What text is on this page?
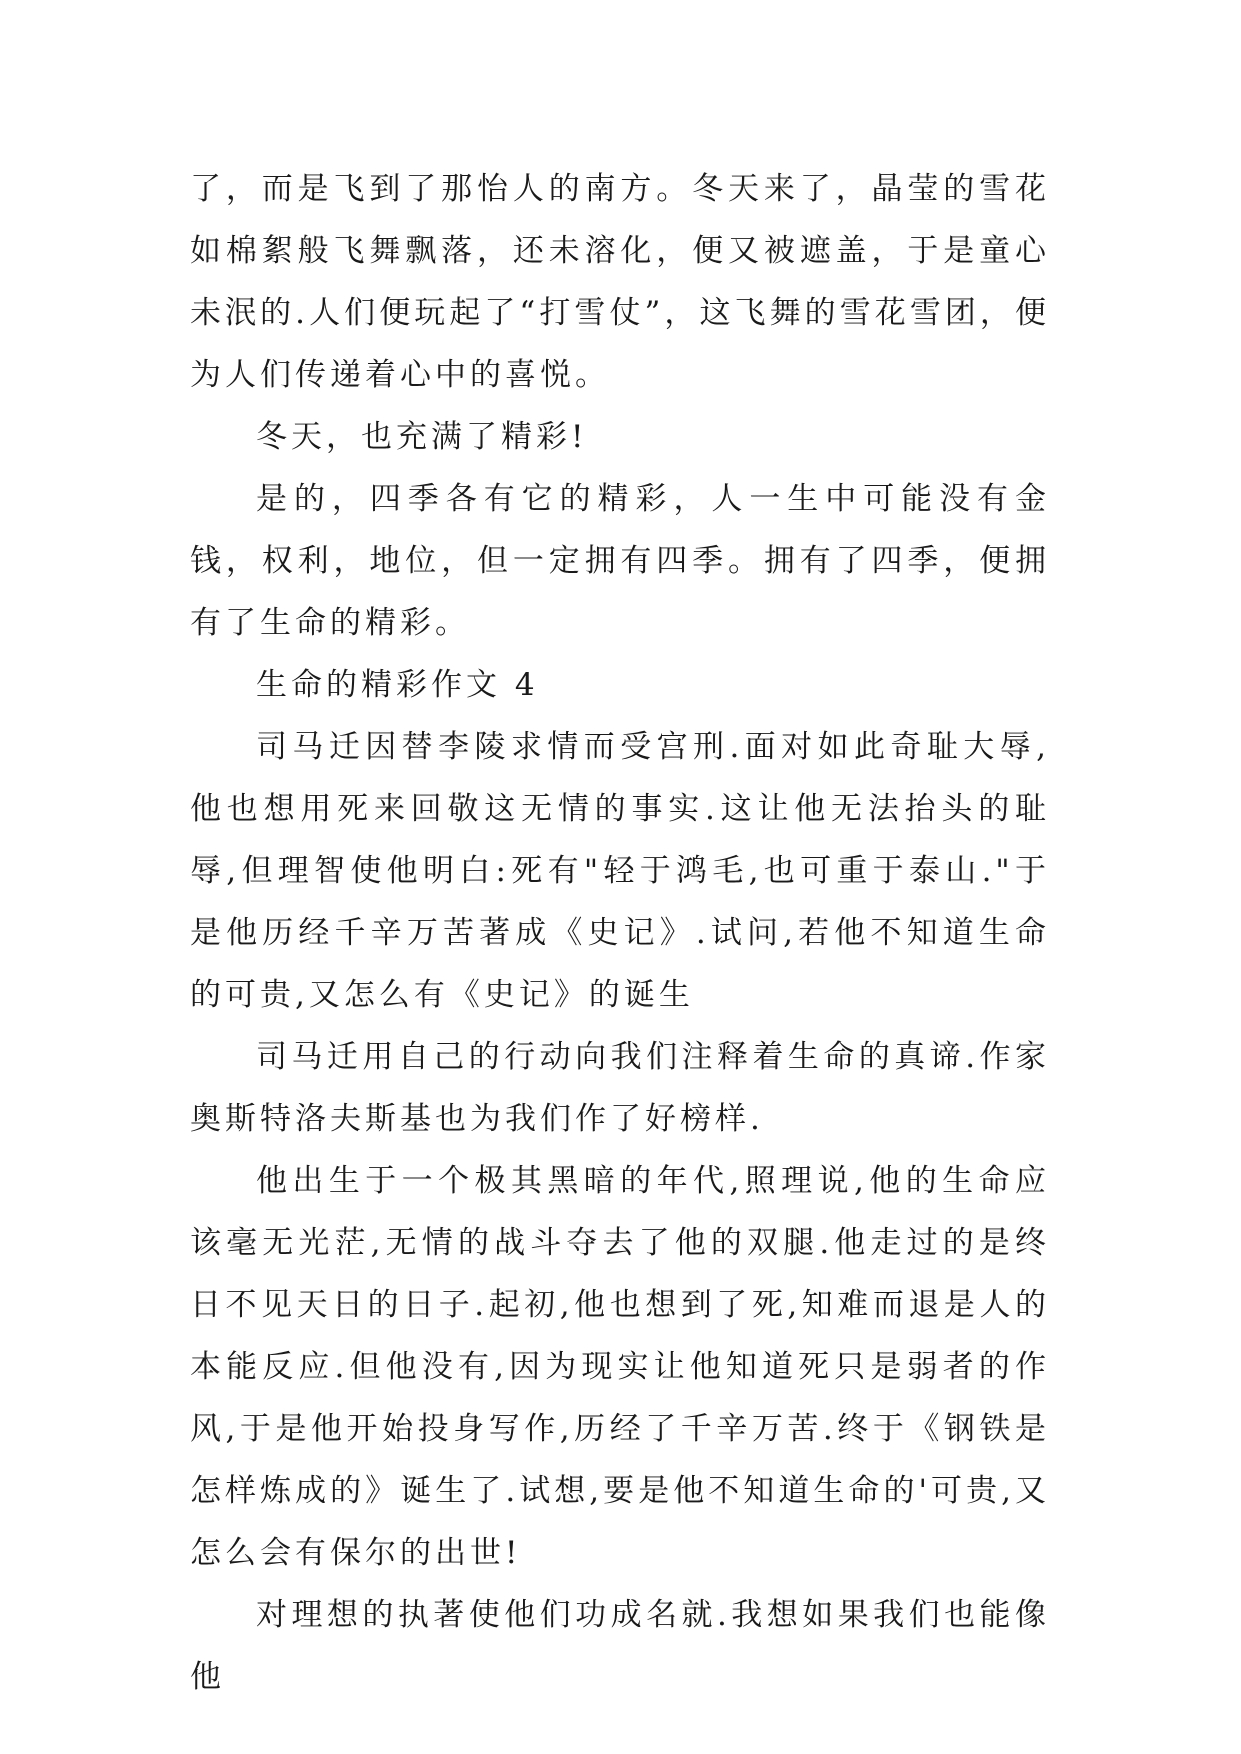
了，而是飞到了那怡人的南方。冬天来了，晶莹的雪花如棉絮般飞舞飘落，还未溶化，便又被遮盖，于是童心未泯的.人们便玩起了“打雪仗”，这飞舞的雪花雪团，便为人们传递着心中的喜悦。

冬天，也充满了精彩!

是的，四季各有它的精彩，人一生中可能没有金钱，权利，地位，但一定拥有四季。拥有了四季，便拥有了生命的精彩。

生命的精彩作文 4

司马迁因替李陵求情而受宫刑.面对如此奇耻大辱,他也想用死来回敬这无情的事实.这让他无法抬头的耻辱,但理智使他明白:死有"轻于鸿毛,也可重于泰山."于是他历经千辛万苦著成《史记》.试问,若他不知道生命的可贵,又怎么有《史记》的诞生

司马迁用自己的行动向我们注释着生命的真谛.作家奥斯特洛夫斯基也为我们作了好榜样.

他出生于一个极其黑暗的年代,照理说,他的生命应该毫无光茫,无情的战斗夺去了他的双腿.他走过的是终日不见天日的日子.起初,他也想到了死,知难而退是人的本能反应.但他没有,因为现实让他知道死只是弱者的作风,于是他开始投身写作,历经了千辛万苦.终于《钢铁是怎样炼成的》诞生了.试想,要是他不知道生命的'可贵,又怎么会有保尔的出世!

对理想的执著使他们功成名就.我想如果我们也能像他
